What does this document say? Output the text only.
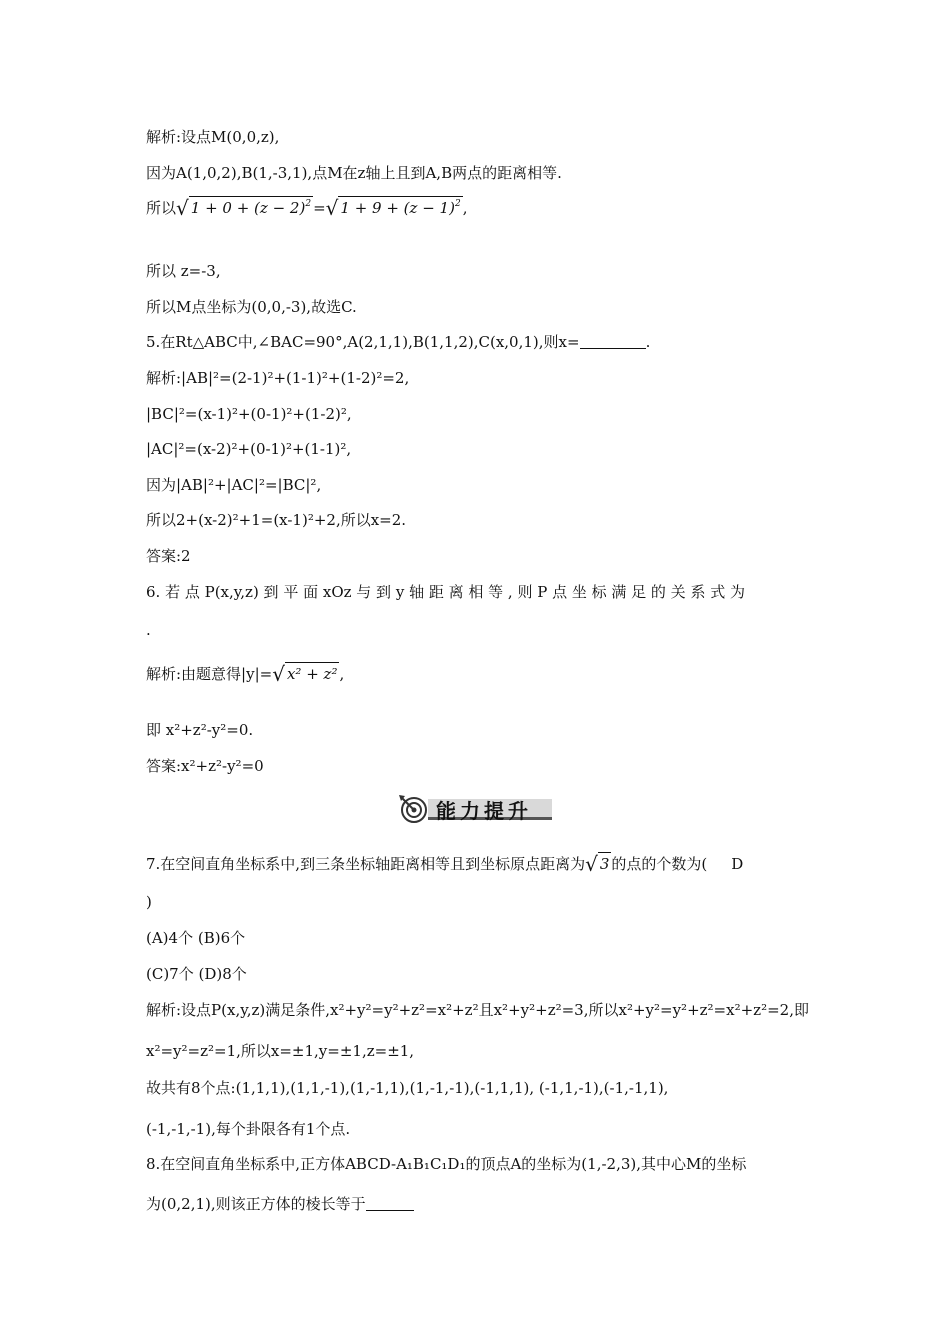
解析:设点M(0,0,z),
因为A(1,0,2),B(1,-3,1),点M在z轴上且到A,B两点的距离相等.
所以√ $1 + 0 + (z - 2)^2$ =√ $1 + 9 + (z - 1)^2$ ,
所以 z=-3,
所以M点坐标为(0,0,-3),故选C.
5.在Rt△ABC中,∠BAC=90°,A(2,1,1),B(1,1,2),C(x,0,1),则x=	.
解析:|AB|²=(2-1)²+(1-1)²+(1-2)²=2,
|BC|²=(x-1)²+(0-1)²+(1-2)²,
|AC|²=(x-2)²+(0-1)²+(1-1)²,
因为|AB|²+|AC|²=|BC|²,
所以2+(x-2)²+1=(x-1)²+2,所以x=2.
答案:2
6. 若 点 P(x,y,z) 到 平 面 xOz 与 到 y 轴 距 离 相 等 , 则 P 点 坐 标 满 足 的 关 系 式 为
.
解析:由题意得|y|=√ x² + z² ,
即 x²+z²-y²=0.
答案:x²+z²-y²=0
能力提升
7.在空间直角坐标系中,到三条坐标轴距离相等且到坐标原点距离为√ 3 的点的个数为( D
)
(A)4个 (B)6个
(C)7个 (D)8个
解析:设点P(x,y,z)满足条件,x²+y²=y²+z²=x²+z²且x²+y²+z²=3,所以x²+y²=y²+z²=x²+z²=2,即
x²=y²=z²=1,所以x=±1,y=±1,z=±1,
故共有8个点:(1,1,1),(1,1,-1),(1,-1,1),(1,-1,-1),(-1,1,1), (-1,1,-1),(-1,-1,1),
(-1,-1,-1),每个卦限各有1个点.
8.在空间直角坐标系中,正方体ABCD-A₁B₁C₁D₁的顶点A的坐标为(1,-2,3),其中心M的坐标
为(0,2,1),则该正方体的棱长等于
